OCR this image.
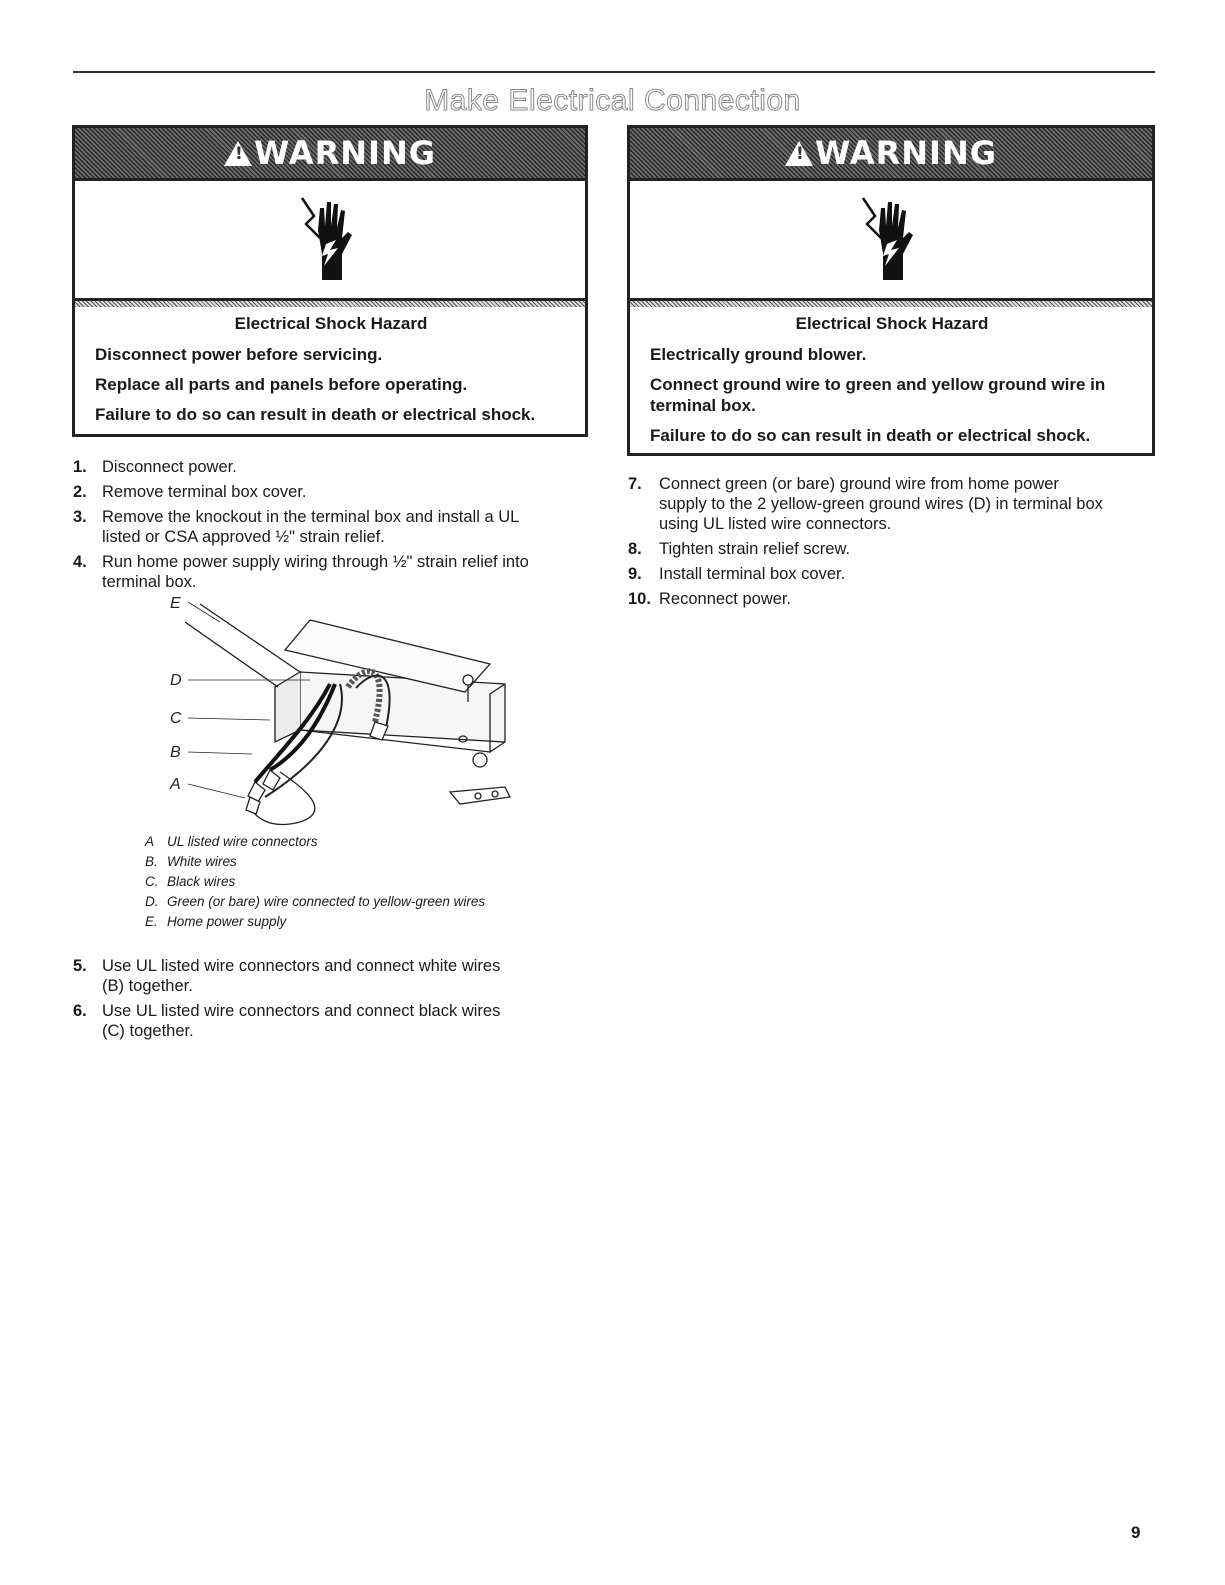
Make Electrical Connection
! WARNING
Electrical Shock Hazard
Disconnect power before servicing.
Replace all parts and panels before operating.
Failure to do so can result in death or electrical shock.
! WARNING
Electrical Shock Hazard
Electrically ground blower.
Connect ground wire to green and yellow ground wire in terminal box.
Failure to do so can result in death or electrical shock.
1. Disconnect power.
2. Remove terminal box cover.
3. Remove the knockout in the terminal box and install a UL listed or CSA approved ½" strain relief.
4. Run home power supply wiring through ½" strain relief into terminal box.
E
D
C
B
A
A UL listed wire connectors
B. White wires
C. Black wires
D. Green (or bare) wire connected to yellow-green wires
E. Home power supply
5. Use UL listed wire connectors and connect white wires (B) together.
6. Use UL listed wire connectors and connect black wires (C) together.
7.	Connect green (or bare) ground wire from home power supply to the 2 yellow-green ground wires (D) in terminal box using UL listed wire connectors.
8.	Tighten strain relief screw.
9.	Install terminal box cover.
10. Reconnect power.
9
